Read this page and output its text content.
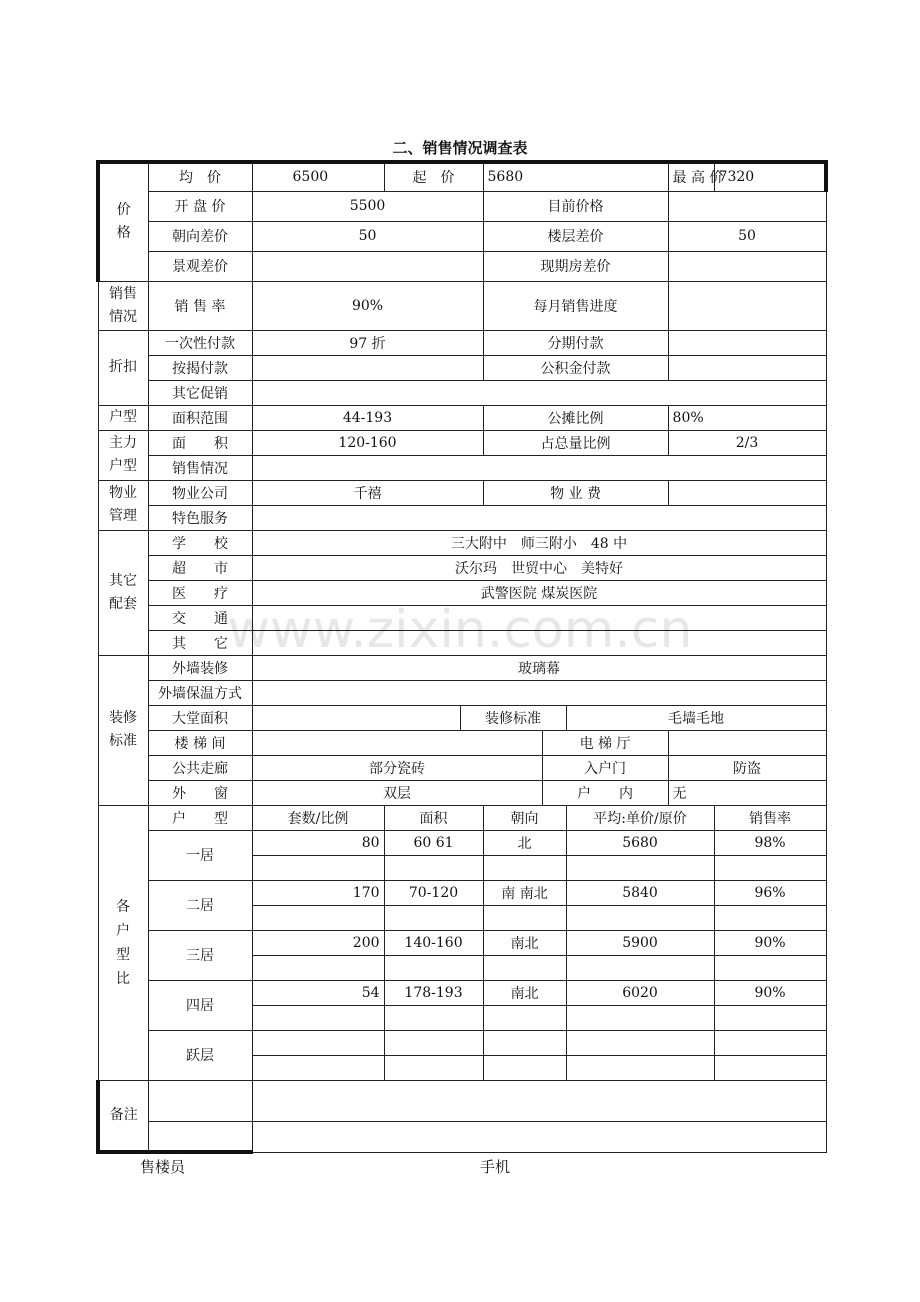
二、销售情况调查表
www.zixin.com.cn
价格	均　价	6500	起　价		5680			最 高 价	7320
	开 盘 价	5500			目前价格				
	朝向差价	50			楼层差价			50	
	景观差价				现期房差价				
销售情况	销 售 率	90%			每月销售进度				
折扣	一次性付款	97 折			分期付款				
	按揭付款				公积金付款				
	其它促销								
户型	面积范围	44-193			公摊比例			80%	
主力户型	面　　积	120-160			占总量比例			2/3	
	销售情况								
物业管理	物业公司	千禧			物 业 费				
	特色服务								
其它配套	学　　校	三大附中　师三附小　48 中							
	超　　市	沃尔玛　世贸中心　美特好							
	医　　疗	武警医院 煤炭医院							
	交　　通								
	其　　它								
装修标准	外墙装修	玻璃幕							
	外墙保温方式								
	大堂面积			装修标准			毛墙毛地		
	楼 梯 间					电 梯 厅			
	公共走廊	部分瓷砖				入户门		防盗	
	外　　窗	双层				户　　内		无	
各户型比	户　　型	套数/比例	面积		朝向		平均:单价/原价		销售率
	一居	80	60 61		北		5680		98%

	二居	170	70-120		南 南北		5840		96%

	三居	200	140-160		南北		5900		90%

	四居	54	178-193		南北		6020		90%

	跃层								

备注									

售楼员	手机
